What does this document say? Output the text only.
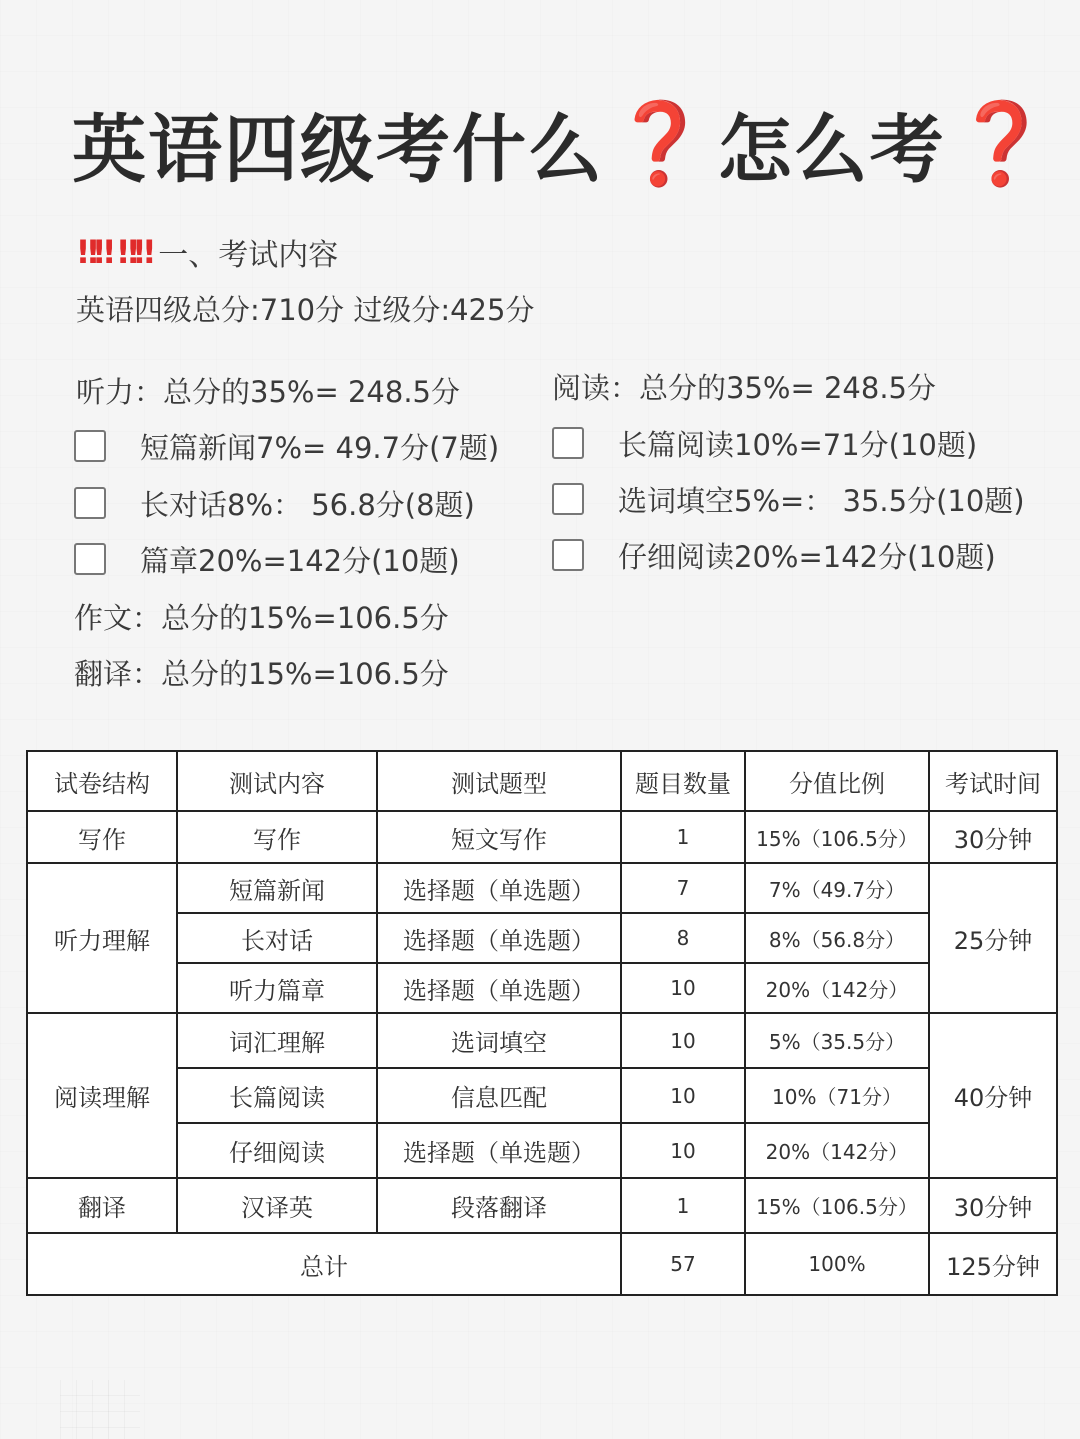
英语四级考什么 ❓ 怎么考 ❓
‼‼ ‼‼ 一、考试内容
英语四级总分:710分 过级分:425分
听力：总分的35%= 248.5分
短篇新闻7%= 49.7分(7题)
长对话8%： 56.8分(8题)
篇章20%=142分(10题)
阅读：总分的35%= 248.5分
长篇阅读10%=71分(10题)
选词填空5%=： 35.5分(10题)
仔细阅读20%=142分(10题)
作文：总分的15%=106.5分
翻译：总分的15%=106.5分
试卷结构	测试内容	测试题型	题目数量	分值比例	考试时间
写作	写作	短文写作	1	15%（106.5分）	30分钟
听力理解	短篇新闻	选择题（单选题）	7	7%（49.7分）	25分钟
	长对话	选择题（单选题）	8	8%（56.8分）	
	听力篇章	选择题（单选题）	10	20%（142分）	
阅读理解	词汇理解	选词填空	10	5%（35.5分）	40分钟
	长篇阅读	信息匹配	10	10%（71分）	
	仔细阅读	选择题（单选题）	10	20%（142分）	
翻译	汉译英	段落翻译	1	15%（106.5分）	30分钟
总计			57	100%	125分钟
